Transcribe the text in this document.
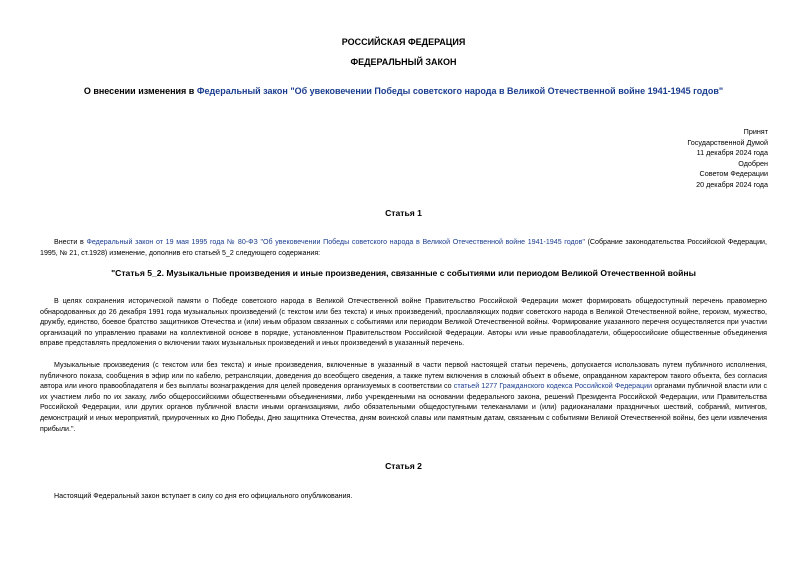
РОССИЙСКАЯ ФЕДЕРАЦИЯ
ФЕДЕРАЛЬНЫЙ ЗАКОН
О внесении изменения в Федеральный закон "Об увековечении Победы советского народа в Великой Отечественной войне 1941-1945 годов"
Принят
Государственной Думой
11 декабря 2024 года
Одобрен
Советом Федерации
20 декабря 2024 года
Статья 1
Внести в Федеральный закон от 19 мая 1995 года № 80-ФЗ "Об увековечении Победы советского народа в Великой Отечественной войне 1941-1945 годов" (Собрание законодательства Российской Федерации, 1995, № 21, ст.1928) изменение, дополнив его статьей 5_2 следующего содержания:
"Статья 5_2. Музыкальные произведения и иные произведения, связанные с событиями или периодом Великой Отечественной войны
В целях сохранения исторической памяти о Победе советского народа в Великой Отечественной войне Правительство Российской Федерации может формировать общедоступный перечень правомерно обнародованных до 26 декабря 1991 года музыкальных произведений (с текстом или без текста) и иных произведений, прославляющих подвиг советского народа в Великой Отечественной войне, героизм, мужество, дружбу, единство, боевое братство защитников Отечества и (или) иным образом связанных с событиями или периодом Великой Отечественной войны. Формирование указанного перечня осуществляется при участии организаций по управлению правами на коллективной основе в порядке, установленном Правительством Российской Федерации. Авторы или иные правообладатели, общероссийские общественные объединения вправе представлять предложения о включении таких музыкальных произведений и иных произведений в указанный перечень.
Музыкальные произведения (с текстом или без текста) и иные произведения, включенные в указанный в части первой настоящей статьи перечень, допускается использовать путем публичного исполнения, публичного показа, сообщения в эфир или по кабелю, ретрансляции, доведения до всеобщего сведения, а также путем включения в сложный объект в объеме, оправданном характером такого объекта, без согласия автора или иного правообладателя и без выплаты вознаграждения для целей проведения организуемых в соответствии со статьей 1277 Гражданского кодекса Российской Федерации органами публичной власти или с их участием либо по их заказу, либо общероссийскими общественными объединениями, либо учрежденными на основании федерального закона, решений Президента Российской Федерации, или Правительства Российской Федерации, или других органов публичной власти иными организациями, либо обязательными общедоступными телеканалами и (или) радиоканалами праздничных шествий, собраний, митингов, демонстраций и иных мероприятий, приуроченных ко Дню Победы, Дню защитника Отечества, дням воинской славы или памятным датам, связанным с событиями Великой Отечественной войны, без цели извлечения прибыли.".
Статья 2
Настоящий Федеральный закон вступает в силу со дня его официального опубликования.
